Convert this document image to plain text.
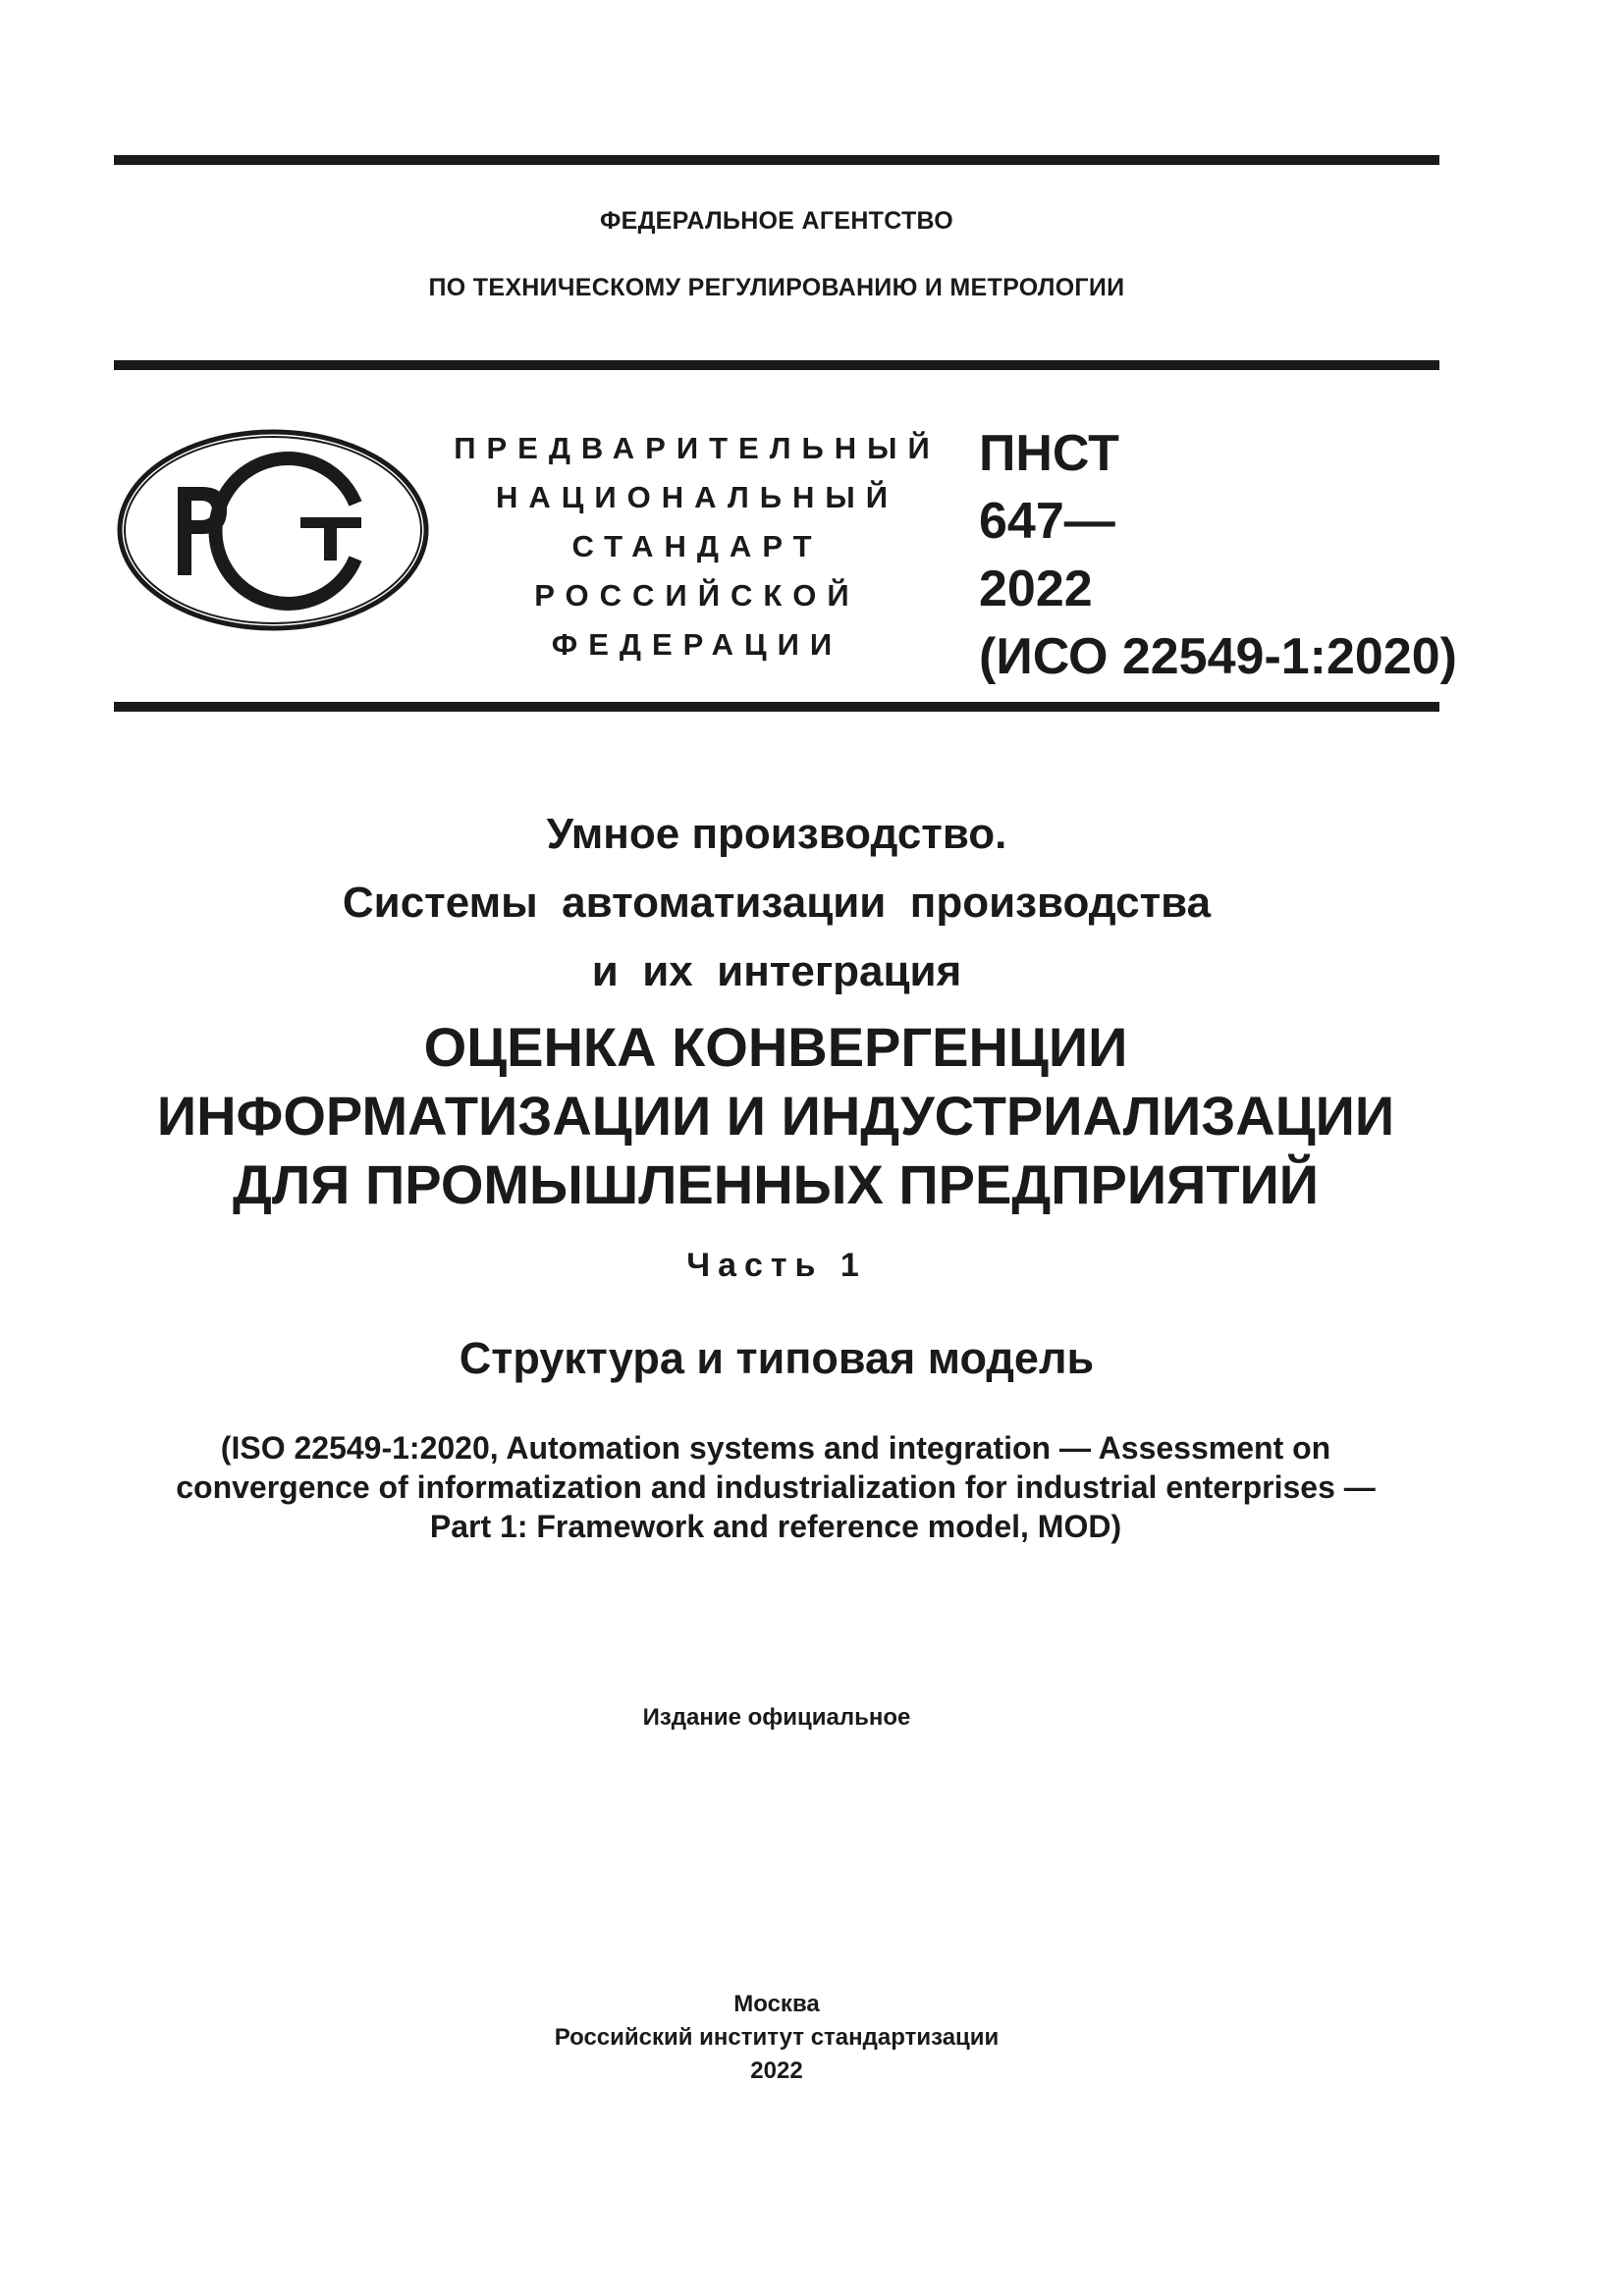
ФЕДЕРАЛЬНОЕ АГЕНТСТВО
ПО ТЕХНИЧЕСКОМУ РЕГУЛИРОВАНИЮ И МЕТРОЛОГИИ
ПРЕДВАРИТЕЛЬНЫЙ
НАЦИОНАЛЬНЫЙ
СТАНДАРТ
РОССИЙСКОЙ
ФЕДЕРАЦИИ
ПНСТ
647—
2022
(ИСО 22549-1:2020)
Умное производство.
Системы  автоматизации  производства
и  их  интеграция
ОЦЕНКА КОНВЕРГЕНЦИИ
ИНФОРМАТИЗАЦИИ И ИНДУСТРИАЛИЗАЦИИ
ДЛЯ ПРОМЫШЛЕННЫХ ПРЕДПРИЯТИЙ
Часть 1
Структура и типовая модель
(ISO 22549-1:2020, Automation systems and integration — Assessment on
convergence of informatization and industrialization for industrial enterprises —
Part 1: Framework and reference model, MOD)
Издание официальное
Москва
Российский институт стандартизации
2022
